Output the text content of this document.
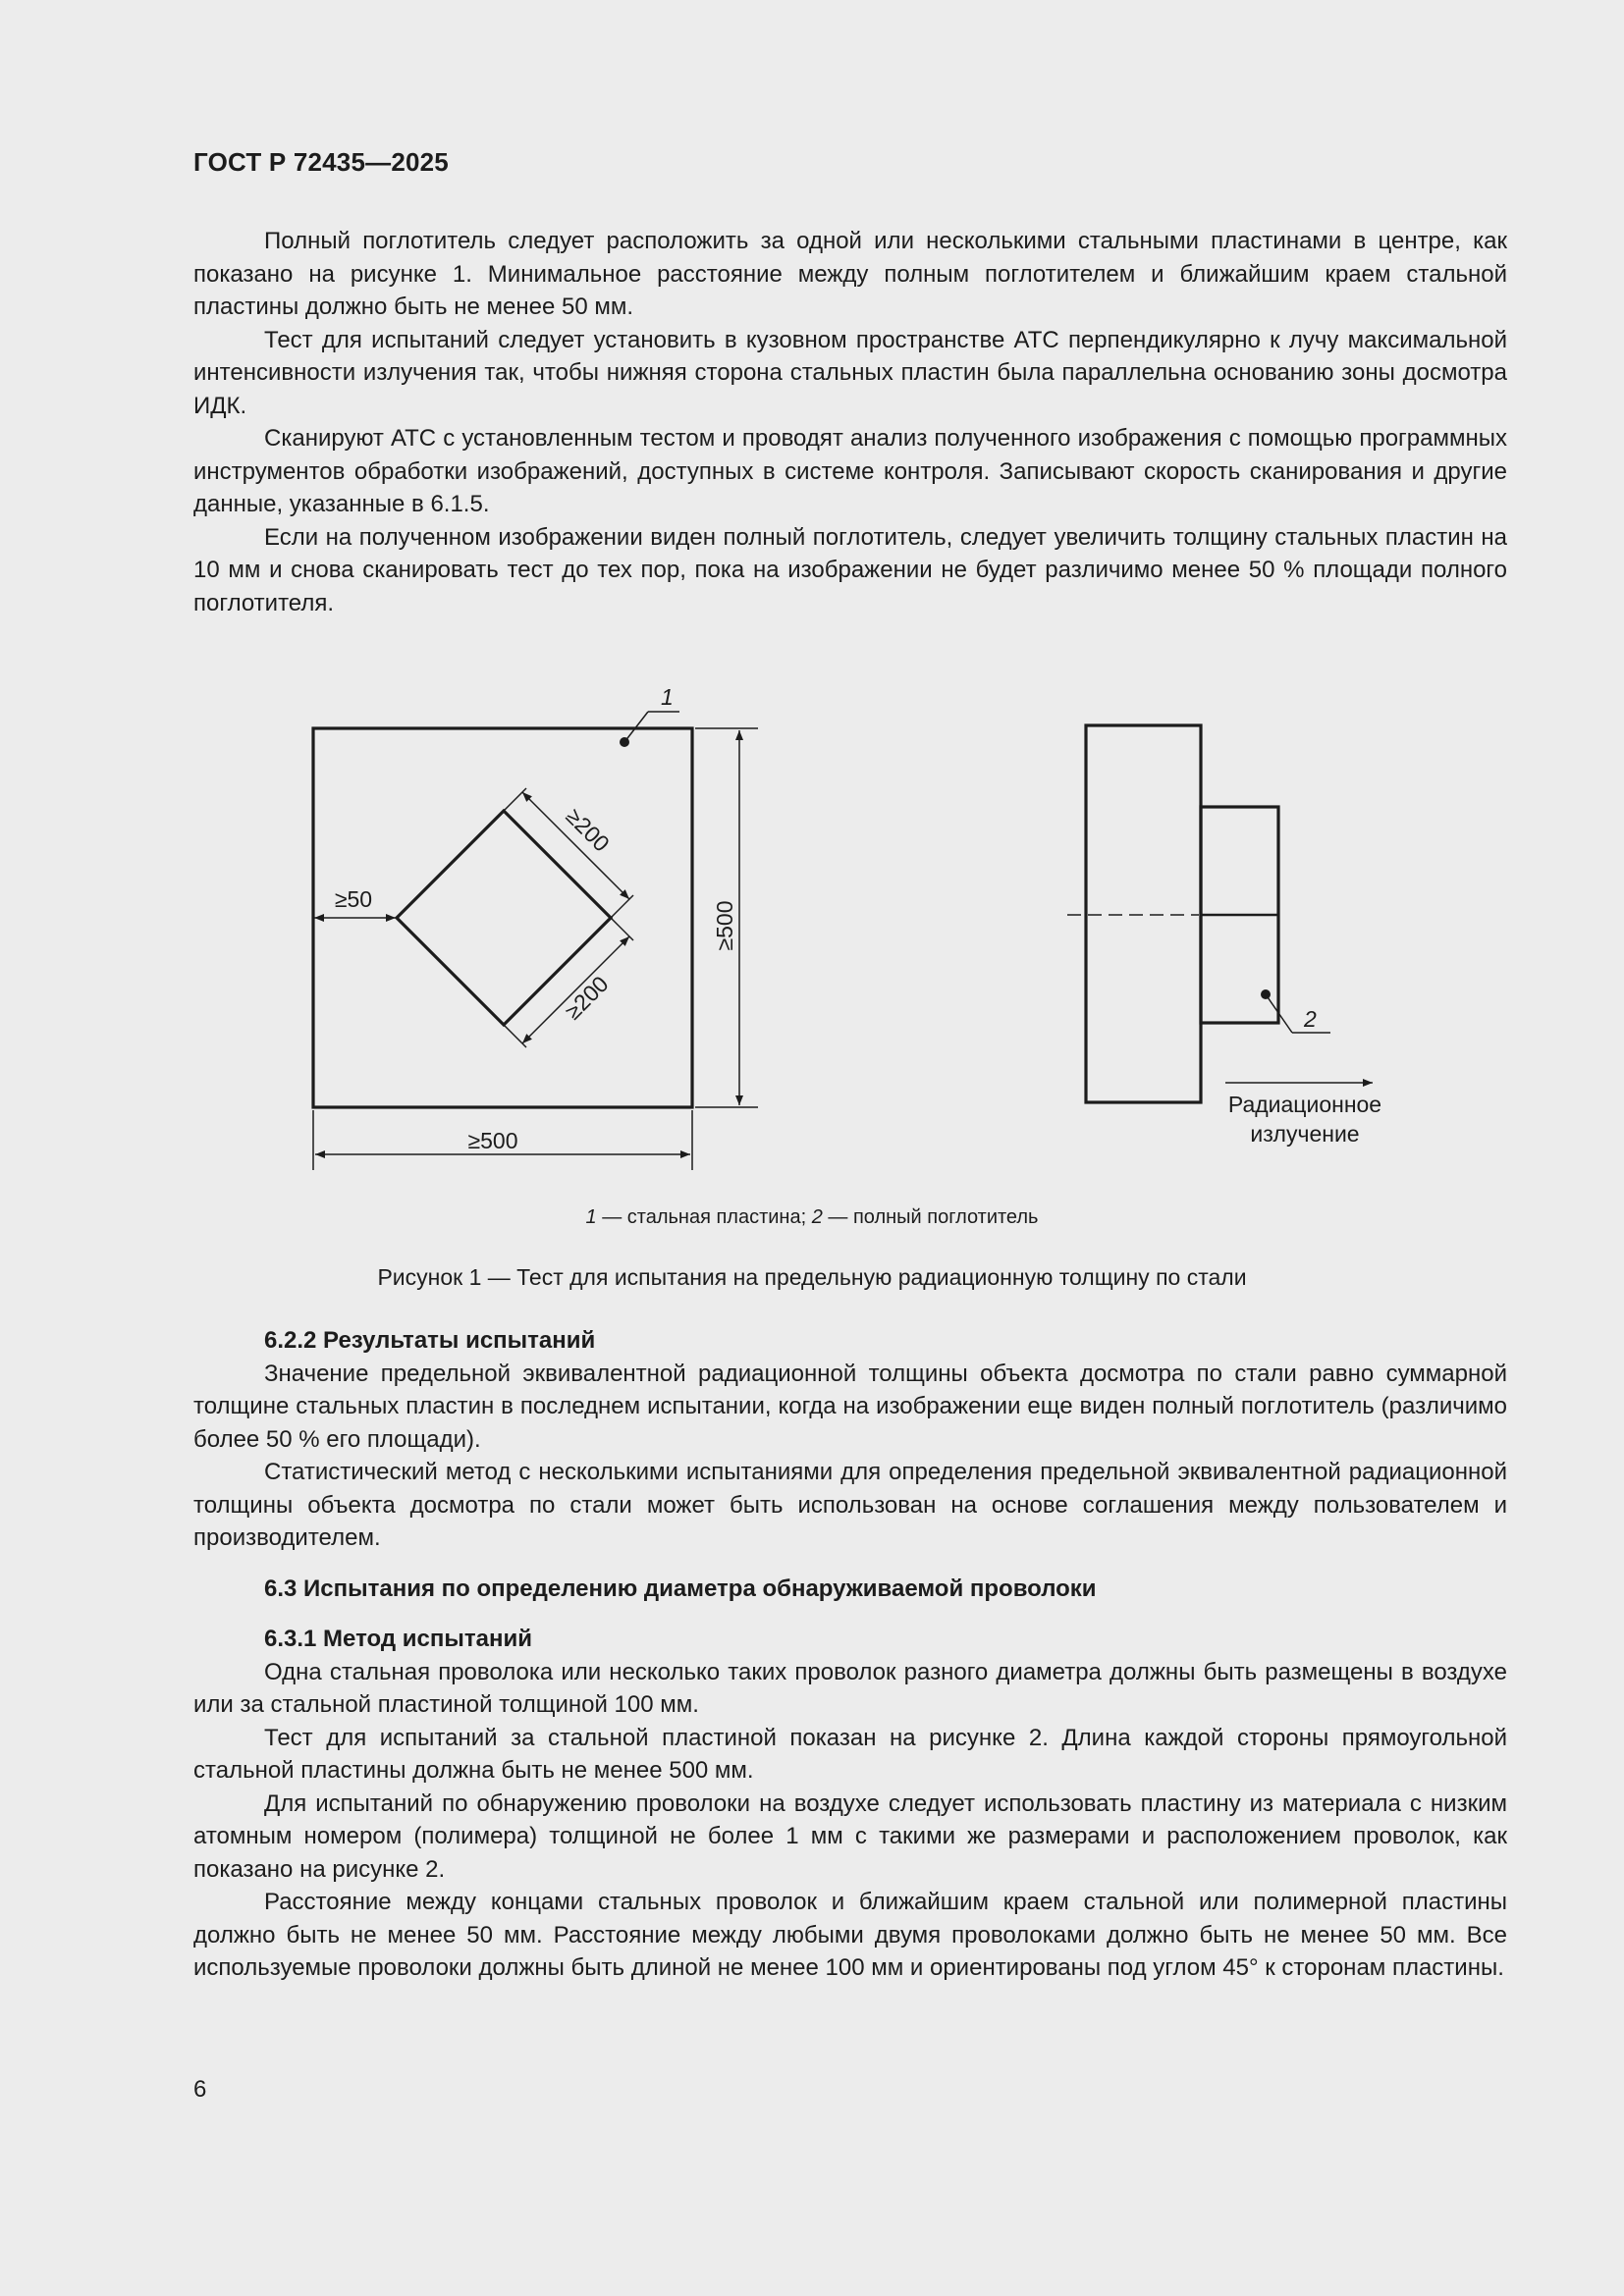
ГОСТ Р 72435—2025

Полный поглотитель следует расположить за одной или несколькими стальными пластинами в центре, как показано на рисунке 1. Минимальное расстояние между полным поглотителем и ближайшим краем стальной пластины должно быть не менее 50 мм.

Тест для испытаний следует установить в кузовном пространстве АТС перпендикулярно к лучу максимальной интенсивности излучения так, чтобы нижняя сторона стальных пластин была параллельна основанию зоны досмотра ИДК.

Сканируют АТС с установленным тестом и проводят анализ полученного изображения с помощью программных инструментов обработки изображений, доступных в системе контроля. Записывают скорость сканирования и другие данные, указанные в 6.1.5.

Если на полученном изображении виден полный поглотитель, следует увеличить толщину стальных пластин на 10 мм и снова сканировать тест до тех пор, пока на изображении не будет различимо менее 50 % площади полного поглотителя.

1
2
≥200
≥200
≥50
≥500
≥500
Радиационное
излучение
1 — стальная пластина; 2 — полный поглотитель
Рисунок 1 — Тест для испытания на предельную радиационную толщину по стали

6.2.2 Результаты испытаний

Значение предельной эквивалентной радиационной толщины объекта досмотра по стали равно суммарной толщине стальных пластин в последнем испытании, когда на изображении еще виден полный поглотитель (различимо более 50 % его площади).

Статистический метод с несколькими испытаниями для определения предельной эквивалентной радиационной толщины объекта досмотра по стали может быть использован на основе соглашения между пользователем и производителем.

6.3 Испытания по определению диаметра обнаруживаемой проволоки

6.3.1 Метод испытаний

Одна стальная проволока или несколько таких проволок разного диаметра должны быть размещены в воздухе или за стальной пластиной толщиной 100 мм.

Тест для испытаний за стальной пластиной показан на рисунке 2. Длина каждой стороны прямоугольной стальной пластины должна быть не менее 500 мм.

Для испытаний по обнаружению проволоки на воздухе следует использовать пластину из материала с низким атомным номером (полимера) толщиной не более 1 мм с такими же размерами и расположением проволок, как показано на рисунке 2.

Расстояние между концами стальных проволок и ближайшим краем стальной или полимерной пластины должно быть не менее 50 мм. Расстояние между любыми двумя проволоками должно быть не менее 50 мм. Все используемые проволоки должны быть длиной не менее 100 мм и ориентированы под углом 45° к сторонам пластины.

6
